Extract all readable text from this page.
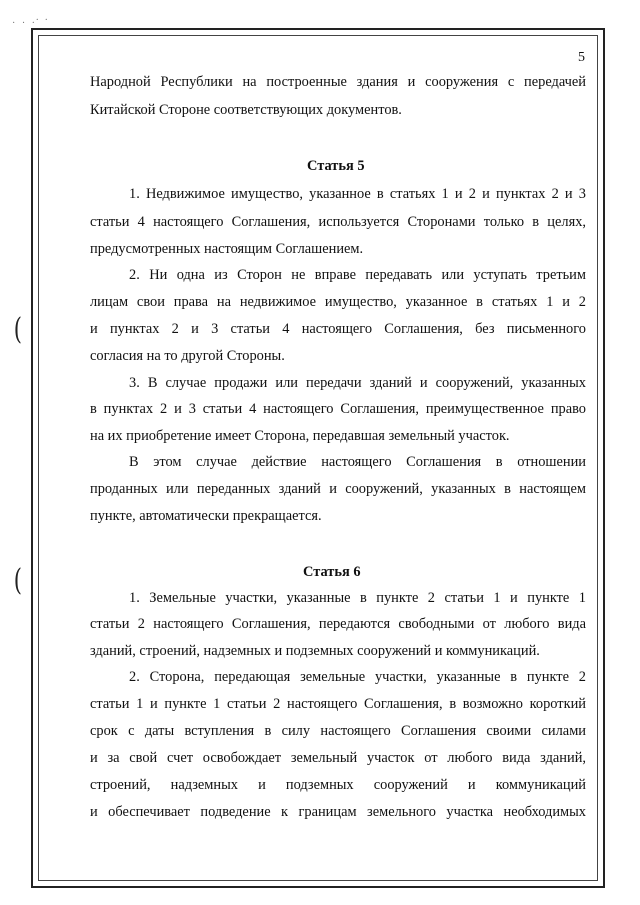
· · ·
. .
5
(
(
Народной Республики на построенные здания и сооружения с передачей
Китайской Стороне соответствующих документов.
Статья 5
1. Недвижимое имущество, указанное в статьях 1 и 2 и пунктах 2 и 3
статьи 4 настоящего Соглашения, используется Сторонами только в целях,
предусмотренных настоящим Соглашением.
2. Ни одна из Сторон не вправе передавать или уступать третьим
лицам свои права на недвижимое имущество, указанное в статьях 1 и 2
и пунктах 2 и 3 статьи 4 настоящего Соглашения, без письменного
согласия на то другой Стороны.
3. В случае продажи или передачи зданий и сооружений, указанных
в пунктах 2 и 3 статьи 4 настоящего Соглашения, преимущественное право
на их приобретение имеет Сторона, передавшая земельный участок.
В этом случае действие настоящего Соглашения в отношении
проданных или переданных зданий и сооружений, указанных в настоящем
пункте, автоматически прекращается.
Статья 6
1. Земельные участки, указанные в пункте 2 статьи 1 и пункте 1
статьи 2 настоящего Соглашения, передаются свободными от любого вида
зданий, строений, надземных и подземных сооружений и коммуникаций.
2. Сторона, передающая земельные участки, указанные в пункте 2
статьи 1 и пункте 1 статьи 2 настоящего Соглашения, в возможно короткий
срок с даты вступления в силу настоящего Соглашения своими силами
и за свой счет освобождает земельный участок от любого вида зданий,
строений, надземных и подземных сооружений и коммуникаций
и обеспечивает подведение к границам земельного участка необходимых
